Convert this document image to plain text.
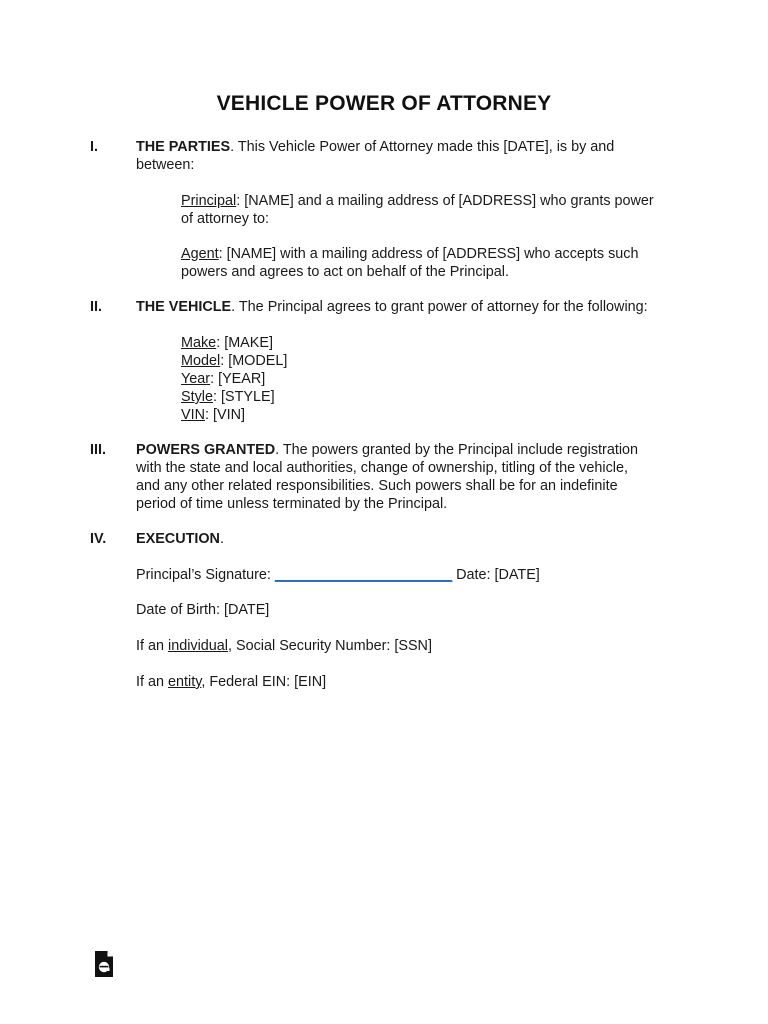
VEHICLE POWER OF ATTORNEY
I.	THE PARTIES. This Vehicle Power of Attorney made this [DATE], is by and
between:
Principal: [NAME] and a mailing address of [ADDRESS] who grants power
of attorney to:
Agent: [NAME] with a mailing address of [ADDRESS] who accepts such
powers and agrees to act on behalf of the Principal.
II. THE VEHICLE. The Principal agrees to grant power of attorney for the following:
Make: [MAKE]
Model: [MODEL]
Year: [YEAR]
Style: [STYLE]
VIN: [VIN]
III. POWERS GRANTED. The powers granted by the Principal include registration
with the state and local authorities, change of ownership, titling of the vehicle,
and any other related responsibilities. Such powers shall be for an indefinite
period of time unless terminated by the Principal.
IV. EXECUTION.
Principal’s Signature: _______________________ Date: [DATE]
Date of Birth: [DATE]
If an individual, Social Security Number: [SSN]
If an entity, Federal EIN: [EIN]
